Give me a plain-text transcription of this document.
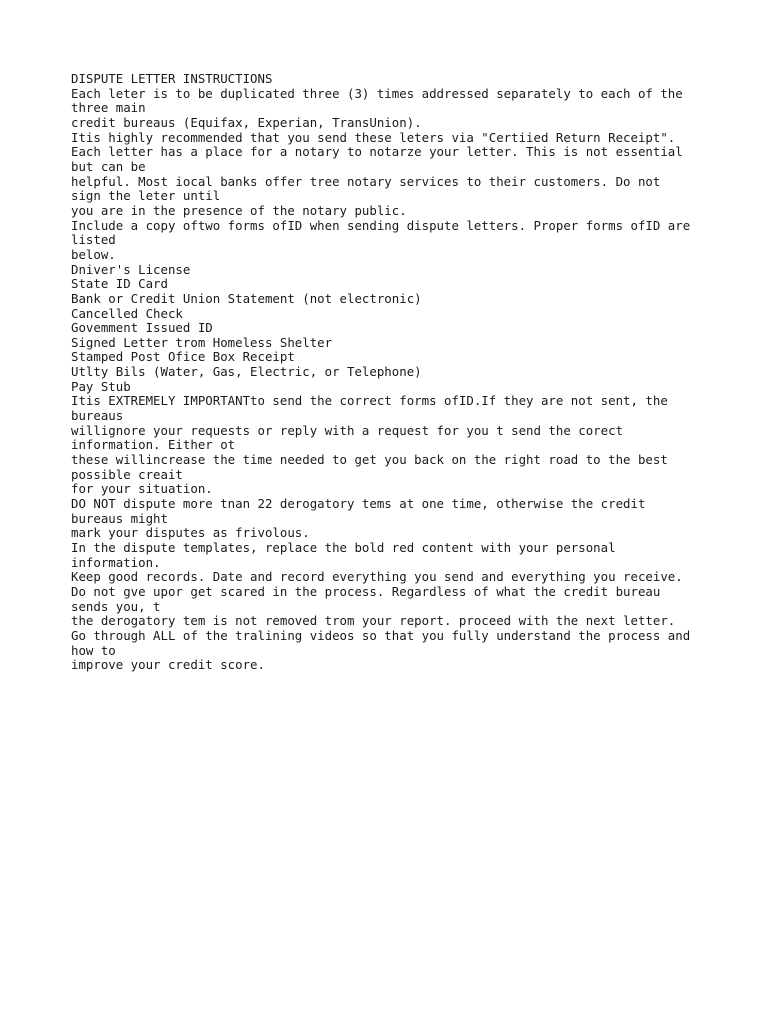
DISPUTE LETTER INSTRUCTIONS

Each leter is to be duplicated three (3) times addressed separately to each of the

three main

credit bureaus (Equifax, Experian, TransUnion).

Itis highly recommended that you send these leters via "Certiied Return Receipt".

Each letter has a place for a notary to notarze your letter. This is not essential

but can be

helpful. Most iocal banks offer tree notary services to their customers. Do not

sign the leter until

you are in the presence of the notary public.

Include a copy oftwo forms ofID when sending dispute letters. Proper forms ofID are

listed

below.

Dniver's License

State ID Card

Bank or Credit Union Statement (not electronic)

Cancelled Check

Govemment Issued ID

Signed Letter trom Homeless Shelter

Stamped Post Ofice Box Receipt

Utlty Bils (Water, Gas, Electric, or Telephone)

Pay Stub

Itis EXTREMELY IMPORTANTto send the correct forms ofID.If they are not sent, the

bureaus

willignore your requests or reply with a request for you t send the corect

information. Either ot

these willincrease the time needed to get you back on the right road to the best

possible creait

for your situation.

DO NOT dispute more tnan 22 derogatory tems at one time, otherwise the credit

bureaus might

mark your disputes as frivolous.

In the dispute templates, replace the bold red content with your personal

information.

Keep good records. Date and record everything you send and everything you receive.

Do not gve upor get scared in the process. Regardless of what the credit bureau

sends you, t

the derogatory tem is not removed trom your report. proceed with the next letter.

Go through ALL of the tralining videos so that you fully understand the process and

how to

improve your credit score.
